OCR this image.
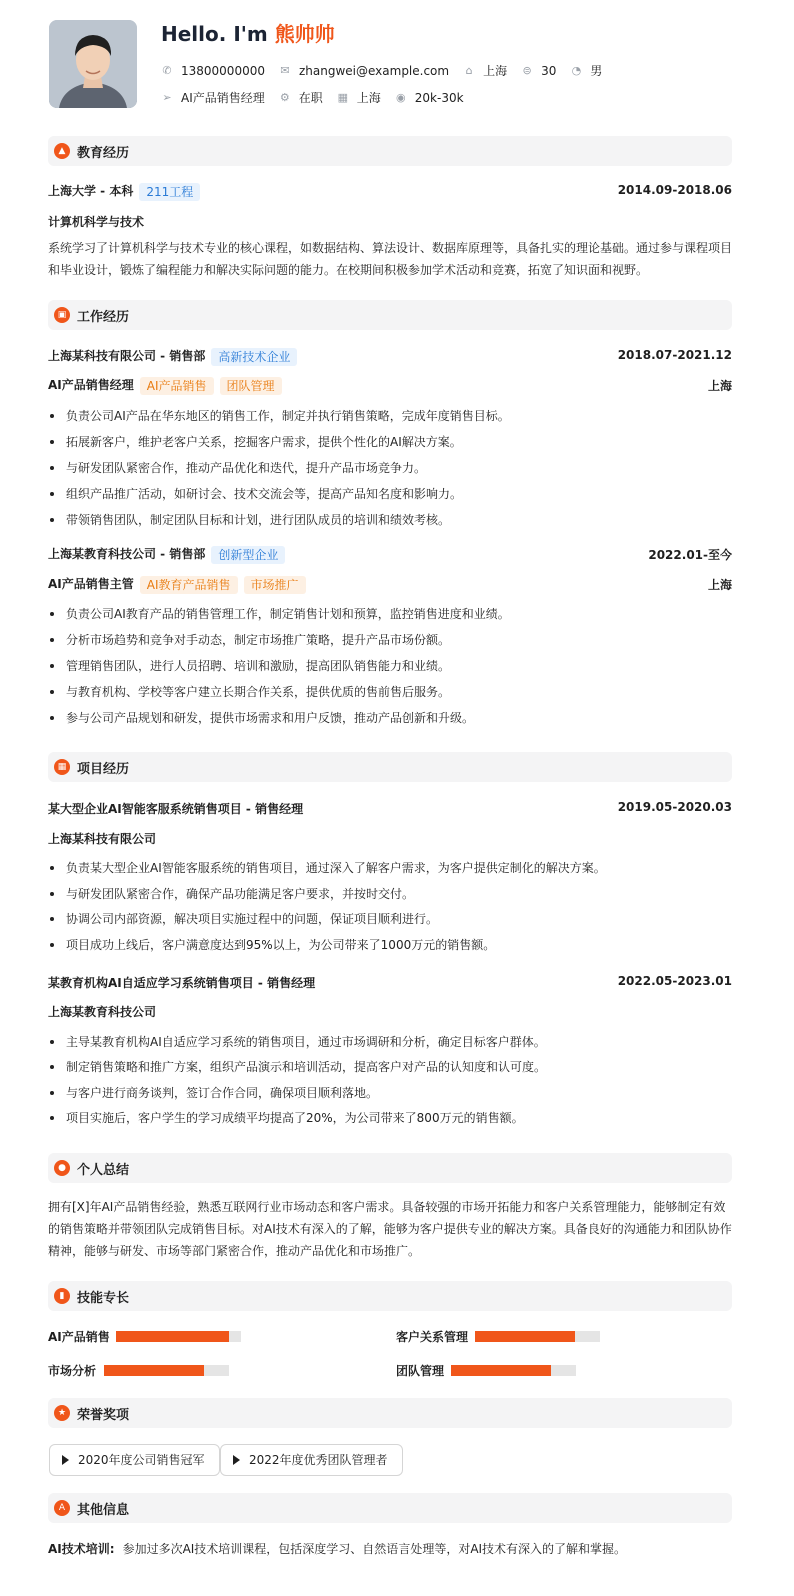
Hello. I'm 熊帅帅
✆ 13800000000 ✉ zhangwei@example.com ⌂ 上海 ⊜ 30 ◔ 男
➢ AI产品销售经理 ⚙ 在职 ▦ 上海 ◉ 20k-30k
▲ 教育经历
上海大学 - 本科 211工程	2014.09-2018.06
计算机科学与技术
系统学习了计算机科学与技术专业的核心课程，如数据结构、算法设计、数据库原理等，具备扎实的理论基础。通过参与课程项目和毕业设计，锻炼了编程能力和解决实际问题的能力。在校期间积极参加学术活动和竞赛，拓宽了知识面和视野。
▣ 工作经历
上海某科技有限公司 - 销售部 高新技术企业	2018.07-2021.12
AI产品销售经理 AI产品销售 团队管理	上海
负责公司AI产品在华东地区的销售工作，制定并执行销售策略，完成年度销售目标。
拓展新客户，维护老客户关系，挖掘客户需求，提供个性化的AI解决方案。
与研发团队紧密合作，推动产品优化和迭代，提升产品市场竞争力。
组织产品推广活动，如研讨会、技术交流会等，提高产品知名度和影响力。
带领销售团队，制定团队目标和计划，进行团队成员的培训和绩效考核。
上海某教育科技公司 - 销售部 创新型企业	2022.01-至今
AI产品销售主管 AI教育产品销售 市场推广	上海
负责公司AI教育产品的销售管理工作，制定销售计划和预算，监控销售进度和业绩。
分析市场趋势和竞争对手动态，制定市场推广策略，提升产品市场份额。
管理销售团队，进行人员招聘、培训和激励，提高团队销售能力和业绩。
与教育机构、学校等客户建立长期合作关系，提供优质的售前售后服务。
参与公司产品规划和研发，提供市场需求和用户反馈，推动产品创新和升级。
▦ 项目经历
某大型企业AI智能客服系统销售项目 - 销售经理	2019.05-2020.03
上海某科技有限公司
负责某大型企业AI智能客服系统的销售项目，通过深入了解客户需求，为客户提供定制化的解决方案。
与研发团队紧密合作，确保产品功能满足客户要求，并按时交付。
协调公司内部资源，解决项目实施过程中的问题，保证项目顺利进行。
项目成功上线后，客户满意度达到95%以上，为公司带来了1000万元的销售额。
某教育机构AI自适应学习系统销售项目 - 销售经理	2022.05-2023.01
上海某教育科技公司
主导某教育机构AI自适应学习系统的销售项目，通过市场调研和分析，确定目标客户群体。
制定销售策略和推广方案，组织产品演示和培训活动，提高客户对产品的认知度和认可度。
与客户进行商务谈判，签订合作合同，确保项目顺利落地。
项目实施后，客户学生的学习成绩平均提高了20%，为公司带来了800万元的销售额。
● 个人总结
拥有[X]年AI产品销售经验，熟悉互联网行业市场动态和客户需求。具备较强的市场开拓能力和客户关系管理能力，能够制定有效的销售策略并带领团队完成销售目标。对AI技术有深入的了解，能够为客户提供专业的解决方案。具备良好的沟通能力和团队协作精神，能够与研发、市场等部门紧密合作，推动产品优化和市场推广。
▮ 技能专长
AI产品销售	客户关系管理
市场分析	团队管理
★ 荣誉奖项
2020年度公司销售冠军	2022年度优秀团队管理者
A 其他信息
AI技术培训: 参加过多次AI技术培训课程，包括深度学习、自然语言处理等，对AI技术有深入的了解和掌握。
